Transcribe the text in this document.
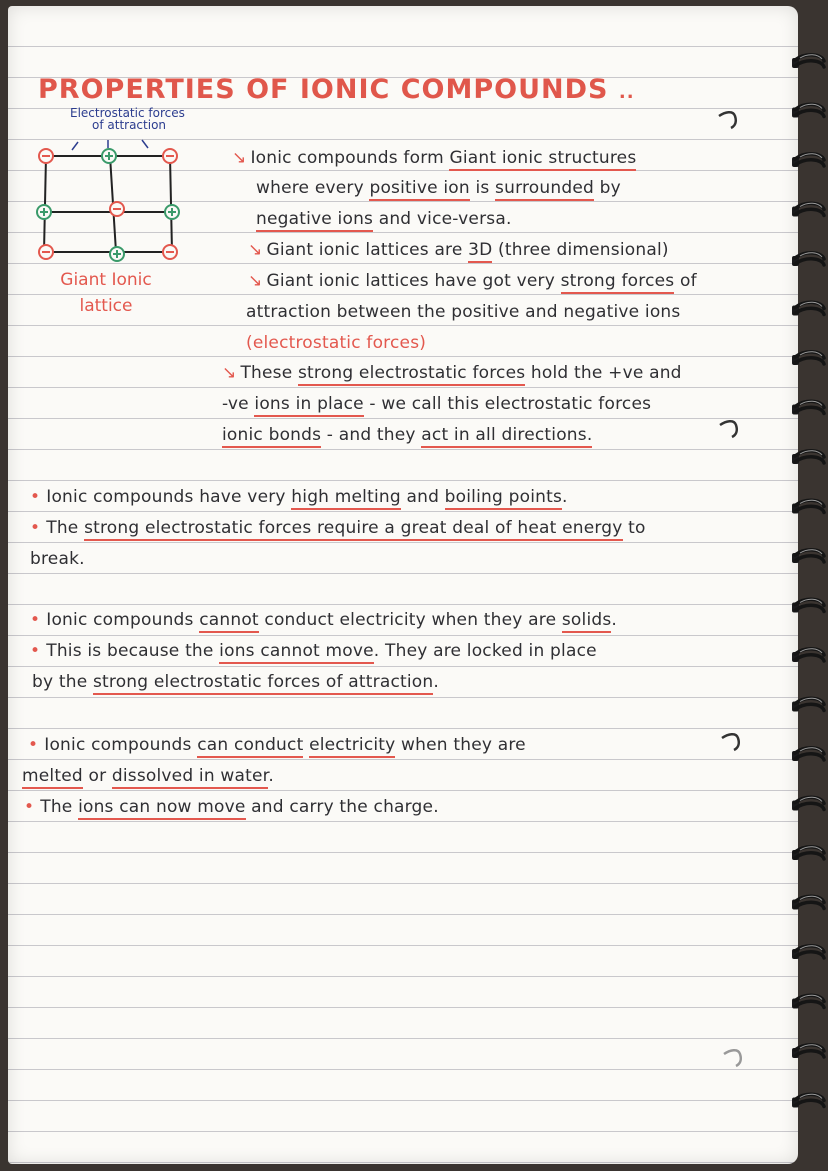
PROPERTIES OF IONIC COMPOUNDS ..
Electrostatic forces
of attraction

Giant Ionic
lattice

↘ Ionic compounds form Giant ionic structures

where every positive ion is surrounded by

negative ions and vice-versa.

↘ Giant ionic lattices are 3D (three dimensional)

↘ Giant ionic lattices have got very strong forces of

attraction between the positive and negative ions

(electrostatic forces)

↘ These strong electrostatic forces hold the +ve and

-ve ions in place - we call this electrostatic forces

ionic bonds - and they act in all directions.

• Ionic compounds have very high melting and boiling points.

• The strong electrostatic forces require a great deal of heat energy to

break.

• Ionic compounds cannot conduct electricity when they are solids.

• This is because the ions cannot move. They are locked in place

by the strong electrostatic forces of attraction.

• Ionic compounds can conduct electricity when they are

melted or dissolved in water.

• The ions can now move and carry the charge.
